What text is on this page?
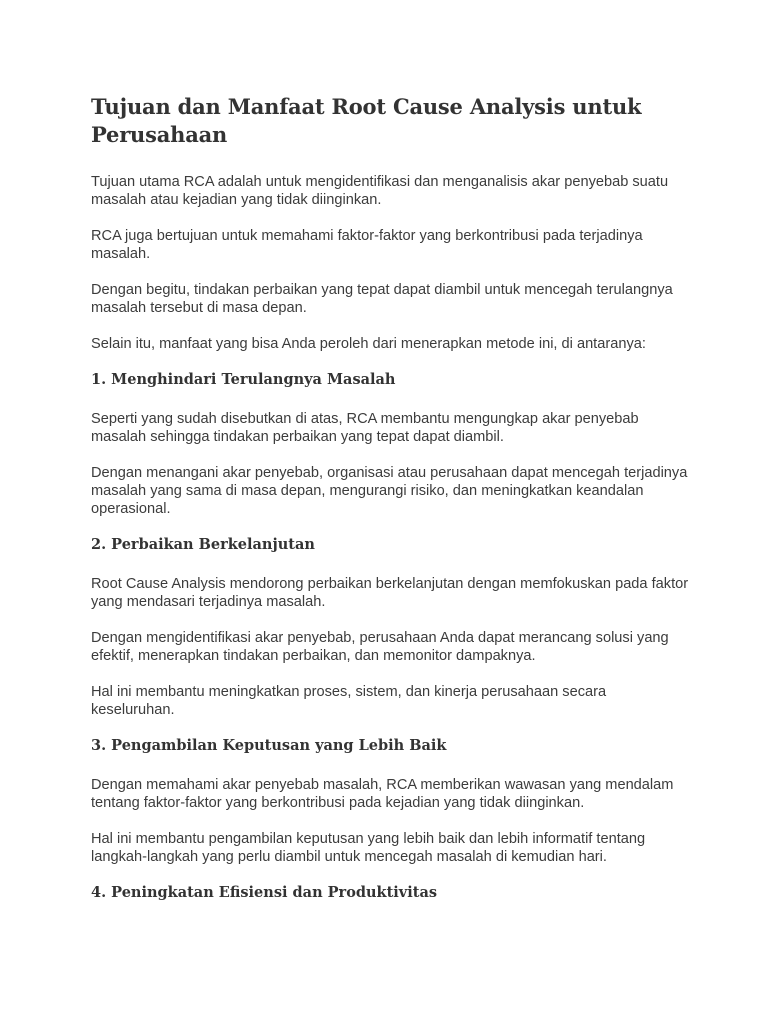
Tujuan dan Manfaat Root Cause Analysis untuk Perusahaan

Tujuan utama RCA adalah untuk mengidentifikasi dan menganalisis akar penyebab suatu masalah atau kejadian yang tidak diinginkan.

RCA juga bertujuan untuk memahami faktor-faktor yang berkontribusi pada terjadinya masalah.

Dengan begitu, tindakan perbaikan yang tepat dapat diambil untuk mencegah terulangnya masalah tersebut di masa depan.

Selain itu, manfaat yang bisa Anda peroleh dari menerapkan metode ini, di antaranya:

1. Menghindari Terulangnya Masalah

Seperti yang sudah disebutkan di atas, RCA membantu mengungkap akar penyebab masalah sehingga tindakan perbaikan yang tepat dapat diambil.

Dengan menangani akar penyebab, organisasi atau perusahaan dapat mencegah terjadinya masalah yang sama di masa depan, mengurangi risiko, dan meningkatkan keandalan operasional.

2. Perbaikan Berkelanjutan

Root Cause Analysis mendorong perbaikan berkelanjutan dengan memfokuskan pada faktor yang mendasari terjadinya masalah.

Dengan mengidentifikasi akar penyebab, perusahaan Anda dapat merancang solusi yang efektif, menerapkan tindakan perbaikan, dan memonitor dampaknya.

Hal ini membantu meningkatkan proses, sistem, dan kinerja perusahaan secara keseluruhan.

3. Pengambilan Keputusan yang Lebih Baik

Dengan memahami akar penyebab masalah, RCA memberikan wawasan yang mendalam tentang faktor-faktor yang berkontribusi pada kejadian yang tidak diinginkan.

Hal ini membantu pengambilan keputusan yang lebih baik dan lebih informatif tentang langkah-langkah yang perlu diambil untuk mencegah masalah di kemudian hari.

4. Peningkatan Efisiensi dan Produktivitas
